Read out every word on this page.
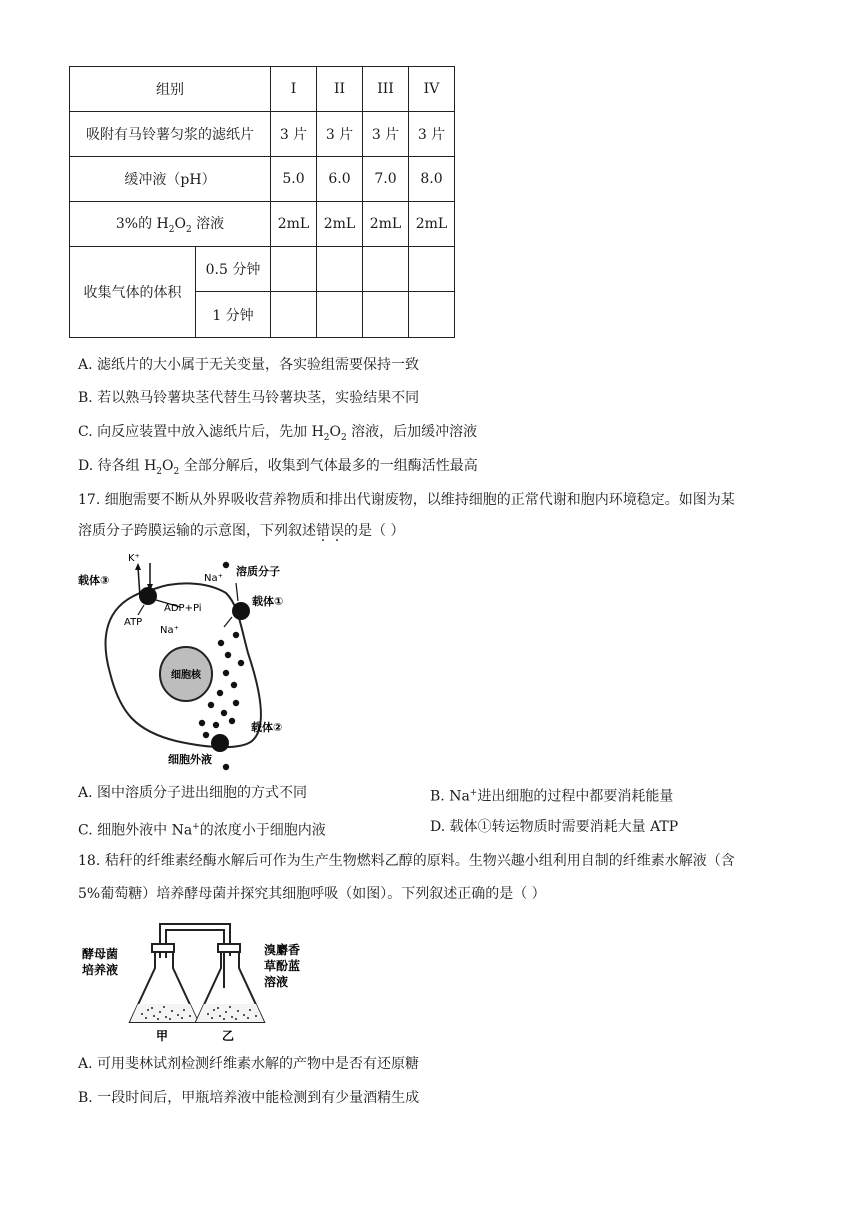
组别		I	II	III	IV
吸附有马铃薯匀浆的滤纸片		3 片	3 片	3 片	3 片
缓冲液（pH）		5.0	6.0	7.0	8.0
3%的 $H_2O_2$ 溶液		2mL	2mL	2mL	2mL
收集气体的体积	0.5 分钟				
	1 分钟				
A. 滤纸片的大小属于无关变量，各实验组需要保持一致
B. 若以熟马铃薯块茎代替生马铃薯块茎，实验结果不同
C. 向反应装置中放入滤纸片后，先加 $H_2O_2$ 溶液，后加缓冲溶液
D. 待各组 $H_2O_2$ 全部分解后，收集到气体最多的一组酶活性最高
17. 细胞需要不断从外界吸收营养物质和排出代谢废物，以维持细胞的正常代谢和胞内环境稳定。如图为某
溶质分子跨膜运输的示意图，下列叙述错误的是（ ）
细胞核
K⁺
载体③	Na⁺
溶质分子
载体①
ADP+Pi
ATP
Na⁺
载体②
细胞外液
A. 图中溶质分子进出细胞的方式不同	B. Na+进出细胞的过程中都要消耗能量
C. 细胞外液中 Na+的浓度小于细胞内液	D. 载体①转运物质时需要消耗大量 ATP
18. 秸秆的纤维素经酶水解后可作为生产生物燃料乙醇的原料。生物兴趣小组利用自制的纤维素水解液（含
5%葡萄糖）培养酵母菌并探究其细胞呼吸（如图）。下列叙述正确的是（ ）
酵母菌
培养液
溴麝香
草酚蓝
溶液
甲	乙
A. 可用斐林试剂检测纤维素水解的产物中是否有还原糖
B. 一段时间后，甲瓶培养液中能检测到有少量酒精生成
